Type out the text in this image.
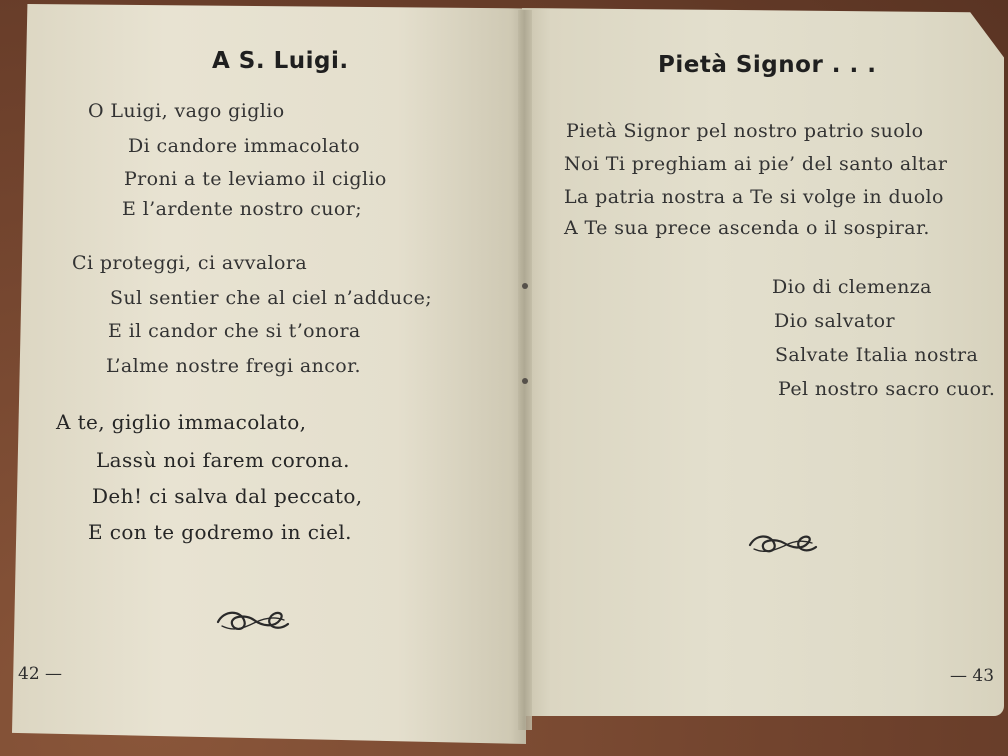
A S. Luigi.
O Luigi, vago giglio
Di candore immacolato
Proni a te leviamo il ciglio
E l’ardente nostro cuor;
Ci proteggi, ci avvalora
Sul sentier che al ciel n’adduce;
E il candor che si t’onora
L’alme nostre fregi ancor.
A te, giglio immacolato,
Lassù noi farem corona.
Deh! ci salva dal peccato,
E con te godremo in ciel.
42 —
Pietà Signor . . .
Pietà Signor pel nostro patrio suolo
Noi Ti preghiam ai pie’ del santo altar
La patria nostra a Te si volge in duolo
A Te sua prece ascenda o il sospirar.
Dio di clemenza
Dio salvator
Salvate Italia nostra
Pel nostro sacro cuor.
— 43
